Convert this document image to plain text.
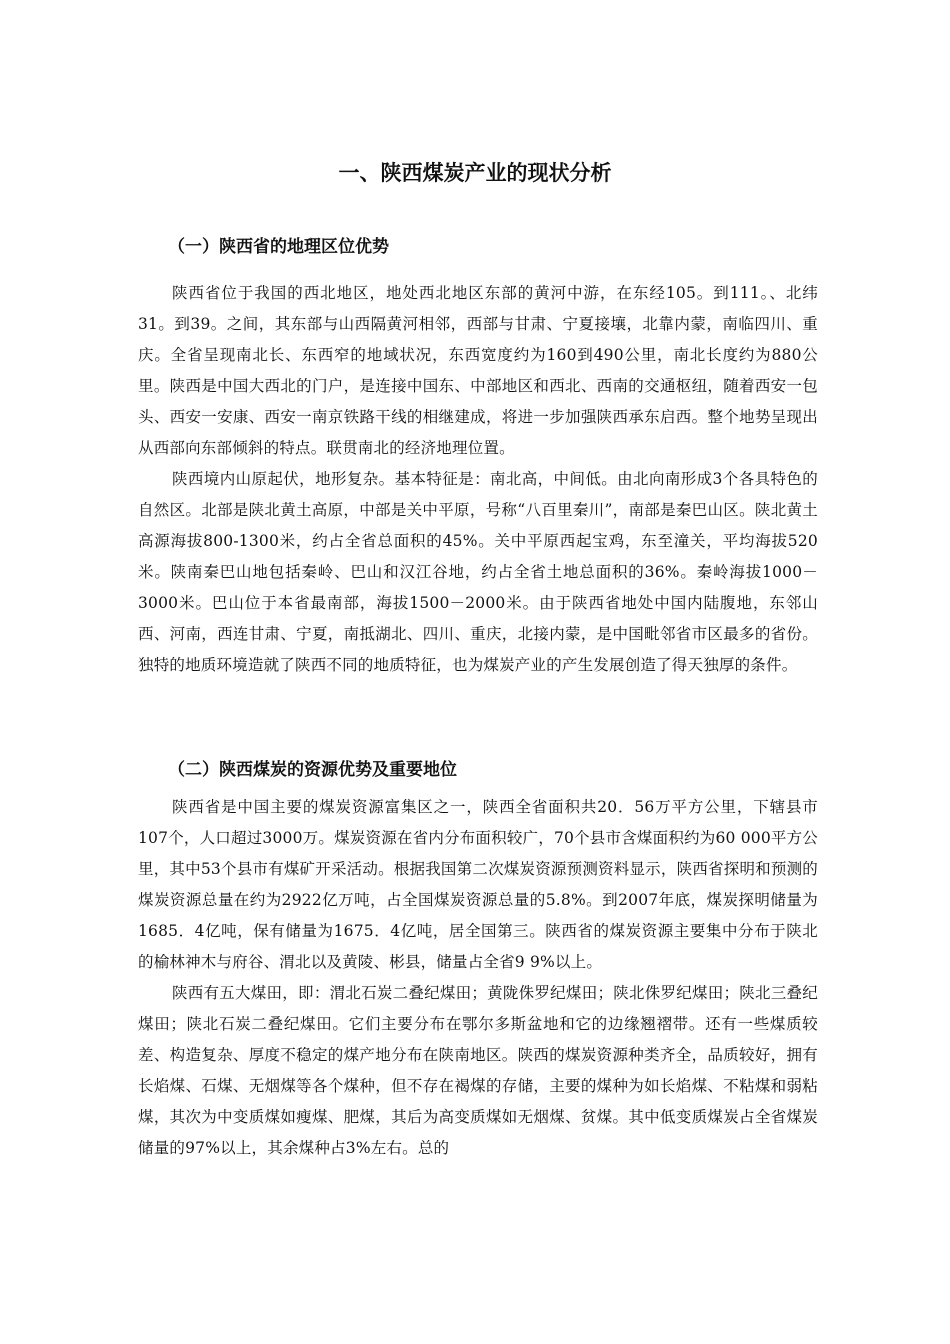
一、陕西煤炭产业的现状分析
（一）陕西省的地理区位优势

陕西省位于我国的西北地区，地处西北地区东部的黄河中游，在东经105。到111。、北纬31。到39。之间，其东部与山西隔黄河相邻，西部与甘肃、宁夏接壤，北靠内蒙，南临四川、重庆。全省呈现南北长、东西窄的地域状况，东西宽度约为160到490公里，南北长度约为880公里。陕西是中国大西北的门户，是连接中国东、中部地区和西北、西南的交通枢纽，随着西安一包头、西安一安康、西安一南京铁路干线的相继建成，将进一步加强陕西承东启西。整个地势呈现出从西部向东部倾斜的特点。联贯南北的经济地理位置。

陕西境内山原起伏，地形复杂。基本特征是：南北高，中间低。由北向南形成3个各具特色的自然区。北部是陕北黄土高原，中部是关中平原，号称“八百里秦川”，南部是秦巴山区。陕北黄土高源海拔800-1300米，约占全省总面积的45%。关中平原西起宝鸡，东至潼关，平均海拔520米。陕南秦巴山地包括秦岭、巴山和汉江谷地，约占全省土地总面积的36%。秦岭海拔1000－3000米。巴山位于本省最南部，海拔1500－2000米。由于陕西省地处中国内陆腹地，东邻山西、河南，西连甘肃、宁夏，南抵湖北、四川、重庆，北接内蒙，是中国毗邻省市区最多的省份。独特的地质环境造就了陕西不同的地质特征，也为煤炭产业的产生发展创造了得天独厚的条件。

（二）陕西煤炭的资源优势及重要地位

陕西省是中国主要的煤炭资源富集区之一，陕西全省面积共20．56万平方公里，下辖县市107个，人口超过3000万。煤炭资源在省内分布面积较广，70个县市含煤面积约为60 000平方公里，其中53个县市有煤矿开采活动。根据我国第二次煤炭资源预测资料显示，陕西省探明和预测的煤炭资源总量在约为2922亿万吨，占全国煤炭资源总量的5.8%。到2007年底，煤炭探明储量为1685．4亿吨，保有储量为1675．4亿吨，居全国第三。陕西省的煤炭资源主要集中分布于陕北的榆林神木与府谷、渭北以及黄陵、彬县，储量占全省9 9%以上。

陕西有五大煤田，即：渭北石炭二叠纪煤田；黄陇侏罗纪煤田；陕北侏罗纪煤田；陕北三叠纪煤田；陕北石炭二叠纪煤田。它们主要分布在鄂尔多斯盆地和它的边缘翘褶带。还有一些煤质较差、构造复杂、厚度不稳定的煤产地分布在陕南地区。陕西的煤炭资源种类齐全，品质较好，拥有长焰煤、石煤、无烟煤等各个煤种，但不存在褐煤的存储，主要的煤种为如长焰煤、不粘煤和弱粘煤，其次为中变质煤如瘦煤、肥煤，其后为高变质煤如无烟煤、贫煤。其中低变质煤炭占全省煤炭储量的97%以上，其余煤种占3%左右。总的
